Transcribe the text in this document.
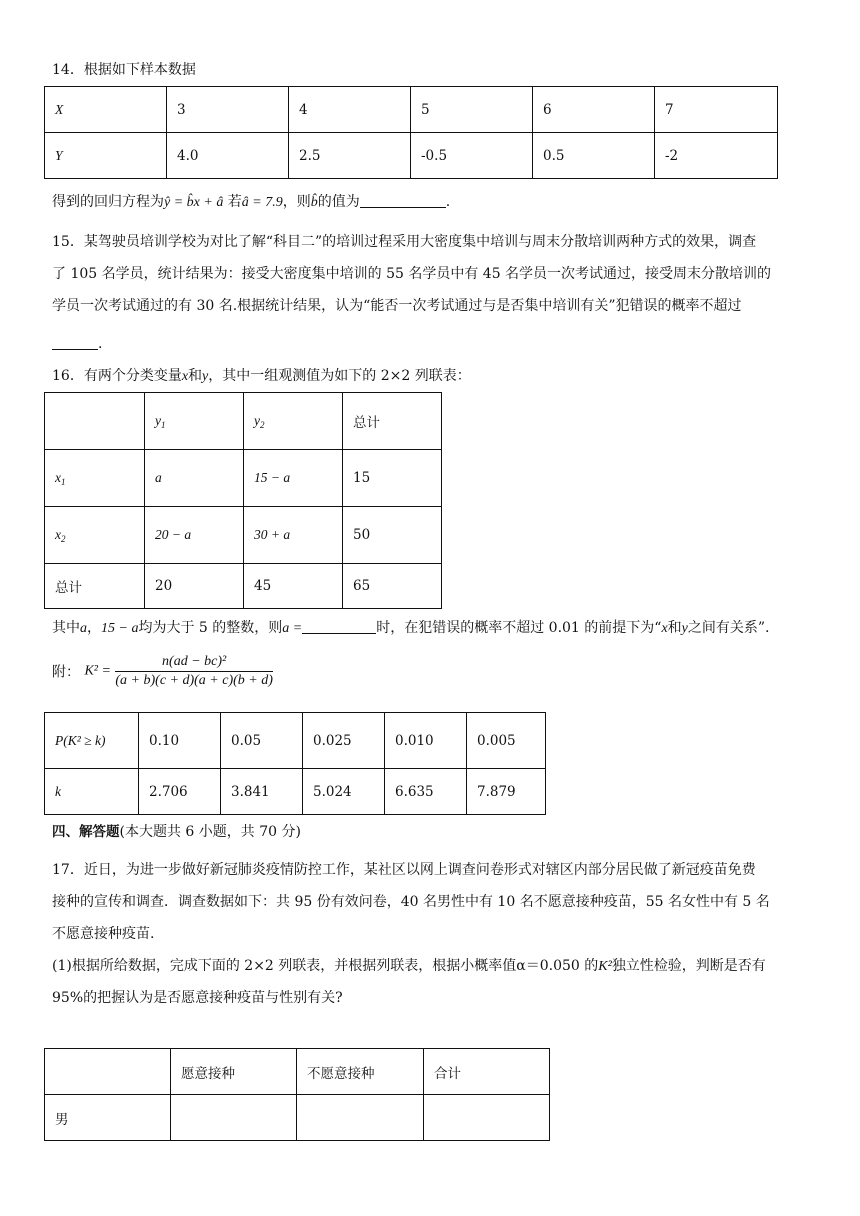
14．根据如下样本数据
X	3	4	5	6	7
Y	4.0	2.5	-0.5	0.5	-2
得到的回归方程为ŷ = b̂x + â 若â = 7.9，则b̂的值为	.
15．某驾驶员培训学校为对比了解“科目二”的培训过程采用大密度集中培训与周末分散培训两种方式的效果，调查
了 105 名学员，统计结果为：接受大密度集中培训的 55 名学员中有 45 名学员一次考试通过，接受周末分散培训的
学员一次考试通过的有 30 名.根据统计结果，认为“能否一次考试通过与是否集中培训有关”犯错误的概率不超过
.
16．有两个分类变量x和y，其中一组观测值为如下的 2×2 列联表：
	$y_1$	$y_2$	总计
$x_1$	a	15 − a	15
$x_2$	20 − a	30 + a	50
总计	20	45	65
其中a，15 − a均为大于 5 的整数，则a =	时，在犯错误的概率不超过 0.01 的前提下为“x和y之间有关系”.
附： $K^2 = \frac{\text{n(ad − bc)²}}{(a + b)(c + d)(a + c)(b + d)}$
P(K² ≥ k)	0.10	0.05	0.025	0.010	0.005
k	2.706	3.841	5.024	6.635	7.879
四、解答题(本大题共 6 小题，共 70 分)
17．近日，为进一步做好新冠肺炎疫情防控工作，某社区以网上调查问卷形式对辖区内部分居民做了新冠疫苗免费
接种的宣传和调查．调查数据如下：共 95 份有效问卷，40 名男性中有 10 名不愿意接种疫苗，55 名女性中有 5 名
不愿意接种疫苗.
(1)根据所给数据，完成下面的 2×2 列联表，并根据列联表，根据小概率值α＝0.050 的K²独立性检验，判断是否有
95%的把握认为是否愿意接种疫苗与性别有关?
	愿意接种	不愿意接种	合计
男			
